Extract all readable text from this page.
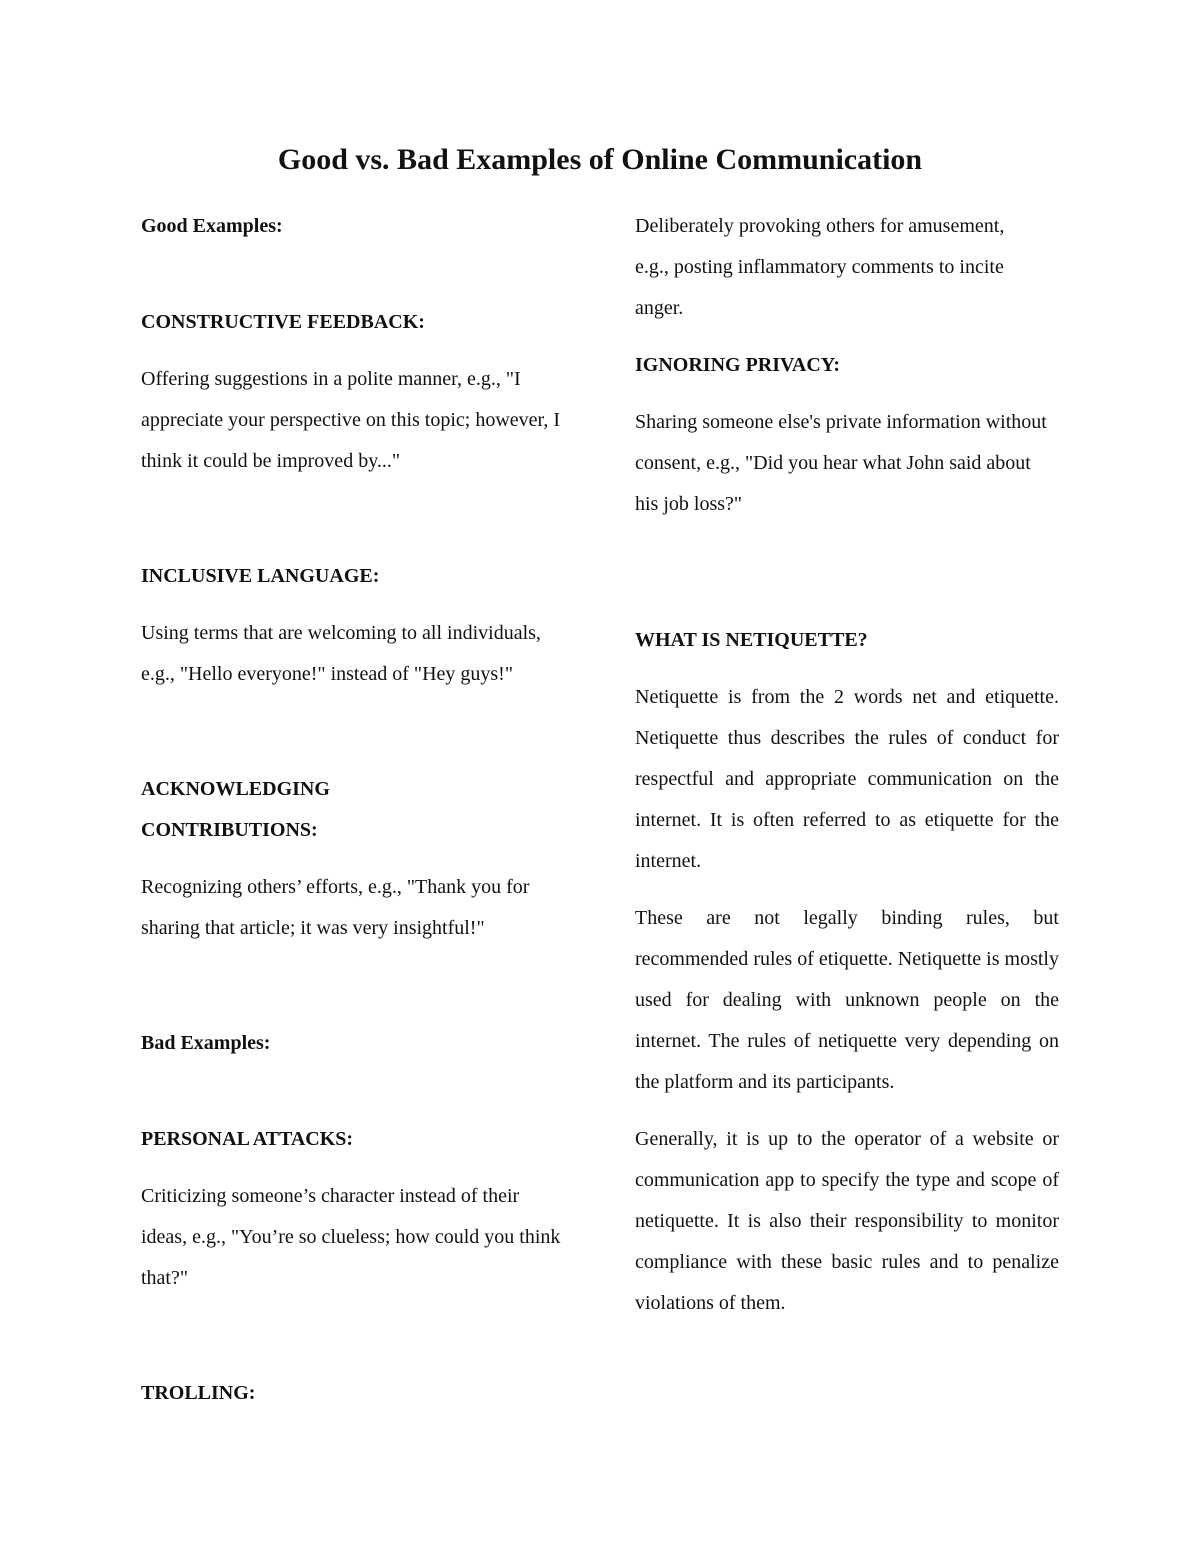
Good vs. Bad Examples of Online Communication

Good Examples:

CONSTRUCTIVE FEEDBACK:

Offering suggestions in a polite manner, e.g., "I appreciate your perspective on this topic; however, I think it could be improved by..."

INCLUSIVE LANGUAGE:

Using terms that are welcoming to all individuals, e.g., "Hello everyone!" instead of "Hey guys!"

ACKNOWLEDGING CONTRIBUTIONS:

Recognizing others’ efforts, e.g., "Thank you for sharing that article; it was very insightful!"

Bad Examples:

PERSONAL ATTACKS:

Criticizing someone’s character instead of their ideas, e.g., "You’re so clueless; how could you think that?"

TROLLING:

Deliberately provoking others for amusement, e.g., posting inflammatory comments to incite anger.

IGNORING PRIVACY:

Sharing someone else's private information without consent, e.g., "Did you hear what John said about his job loss?"

WHAT IS NETIQUETTE?

Netiquette is from the 2 words net and etiquette. Netiquette thus describes the rules of conduct for respectful and appropriate communication on the internet. It is often referred to as etiquette for the internet.

These are not legally binding rules, but recommended rules of etiquette. Netiquette is mostly used for dealing with unknown people on the internet. The rules of netiquette very depending on the platform and its participants.

Generally, it is up to the operator of a website or communication app to specify the type and scope of netiquette. It is also their responsibility to monitor compliance with these basic rules and to penalize violations of them.
